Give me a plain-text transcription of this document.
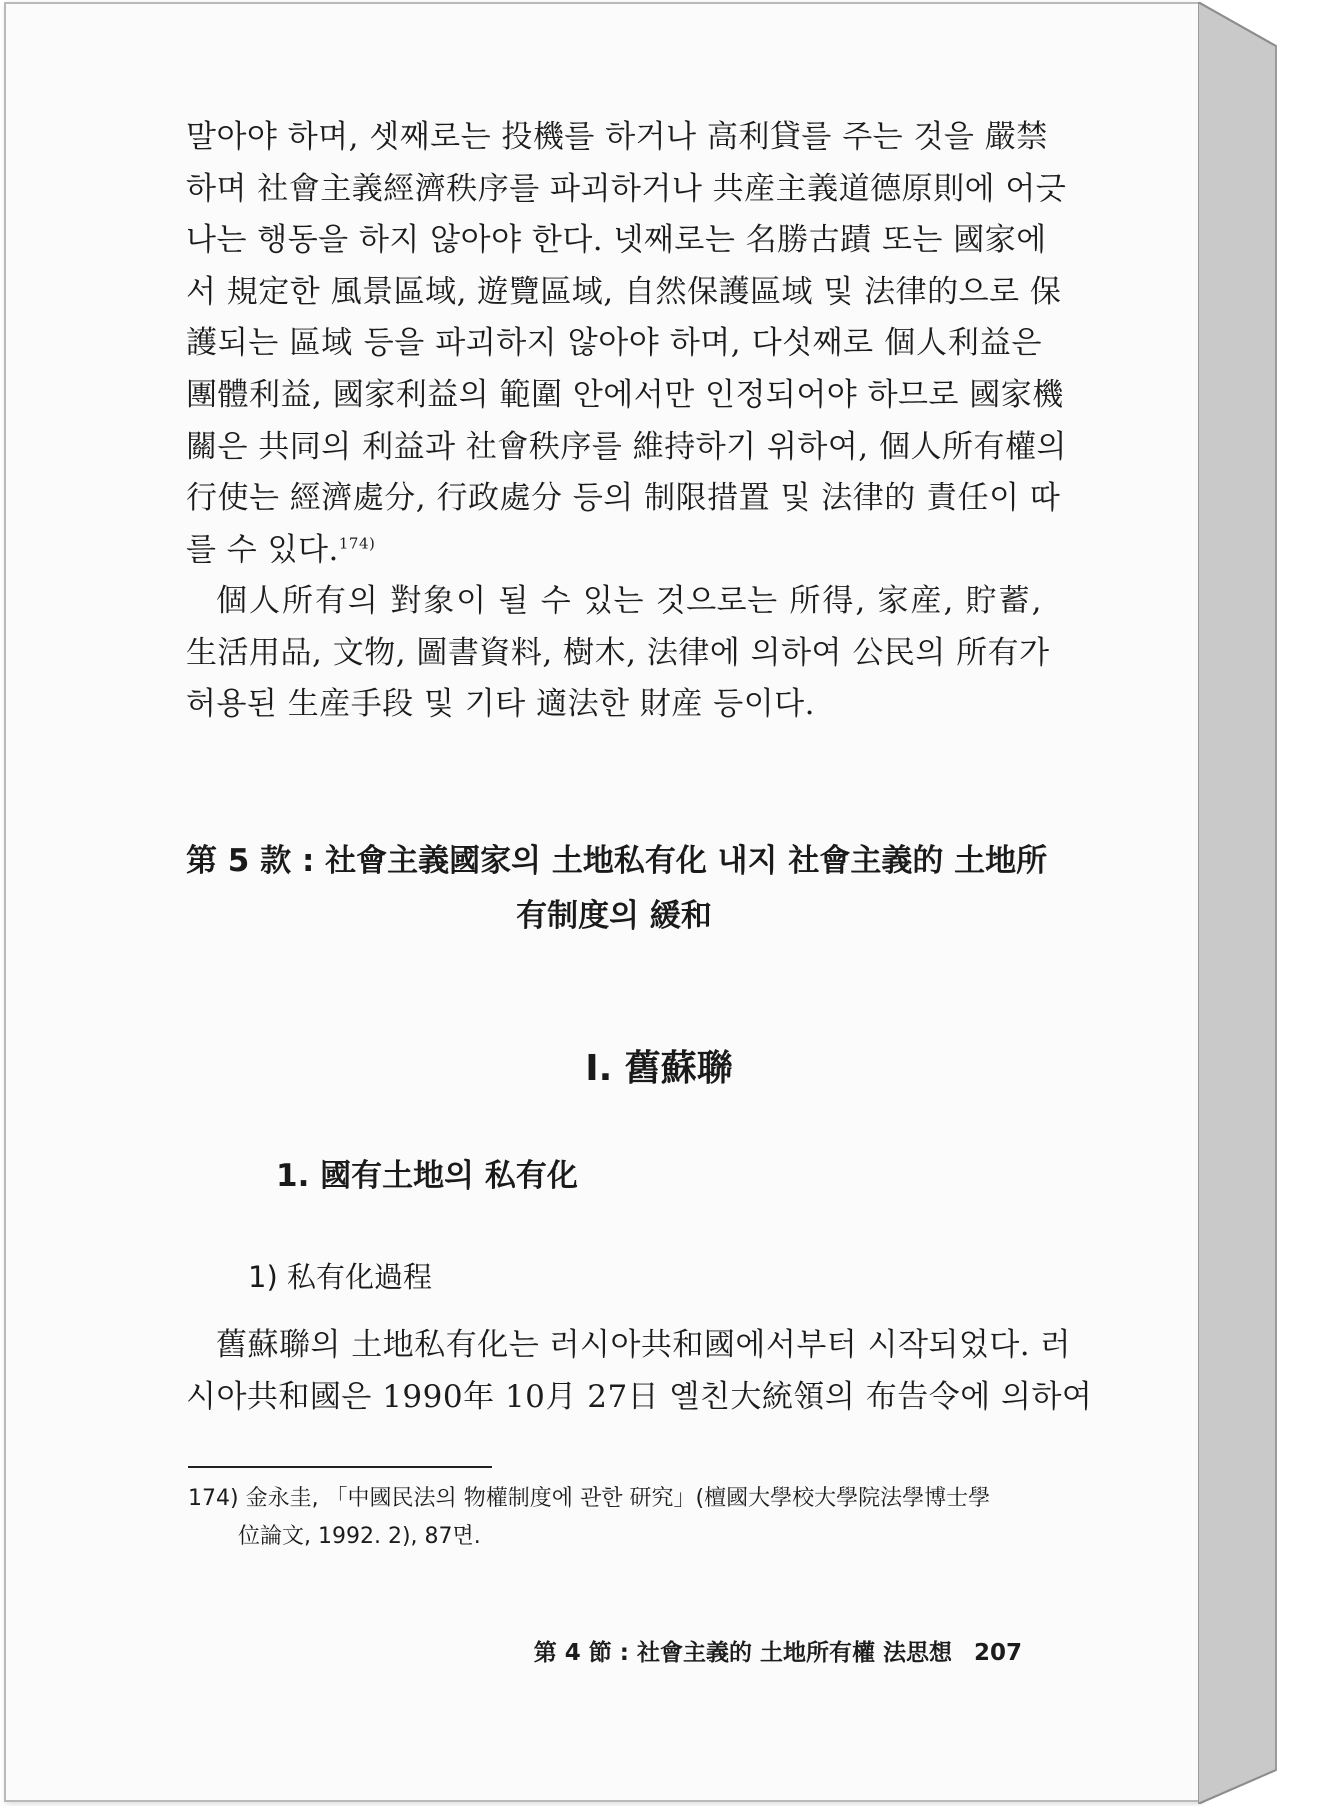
말아야 하며, 셋째로는 投機를 하거나 高利貸를 주는 것을 嚴禁
하며 社會主義經濟秩序를 파괴하거나 共産主義道德原則에 어긋
나는 행동을 하지 않아야 한다. 넷째로는 名勝古蹟 또는 國家에
서 規定한 風景區域, 遊覽區域, 自然保護區域 및 法律的으로 保
護되는 區域 등을 파괴하지 않아야 하며, 다섯째로 個人利益은
團體利益, 國家利益의 範圍 안에서만 인정되어야 하므로 國家機
關은 共同의 利益과 社會秩序를 維持하기 위하여, 個人所有權의
行使는 經濟處分, 行政處分 등의 制限措置 및 法律的 責任이 따
를 수 있다.$^{174)}$
個人所有의 對象이 될 수 있는 것으로는 所得, 家産, 貯蓄,
生活用品, 文物, 圖書資料, 樹木, 法律에 의하여 公民의 所有가
허용된 生産手段 및 기타 適法한 財産 등이다.
第 5 款 : 社會主義國家의 土地私有化 내지 社會主義的 土地所
有制度의 緩和
Ⅰ. 舊蘇聯
1. 國有土地의 私有化
1) 私有化過程
舊蘇聯의 土地私有化는 러시아共和國에서부터 시작되었다. 러
시아共和國은 1990年 10月 27日 옐친大統領의 布告令에 의하여
174) 金永圭, 「中國民法의 物權制度에 관한 研究」(檀國大學校大學院法學博士學
位論文, 1992. 2), 87면.
第 4 節 : 社會主義的 土地所有權 法思想 207
